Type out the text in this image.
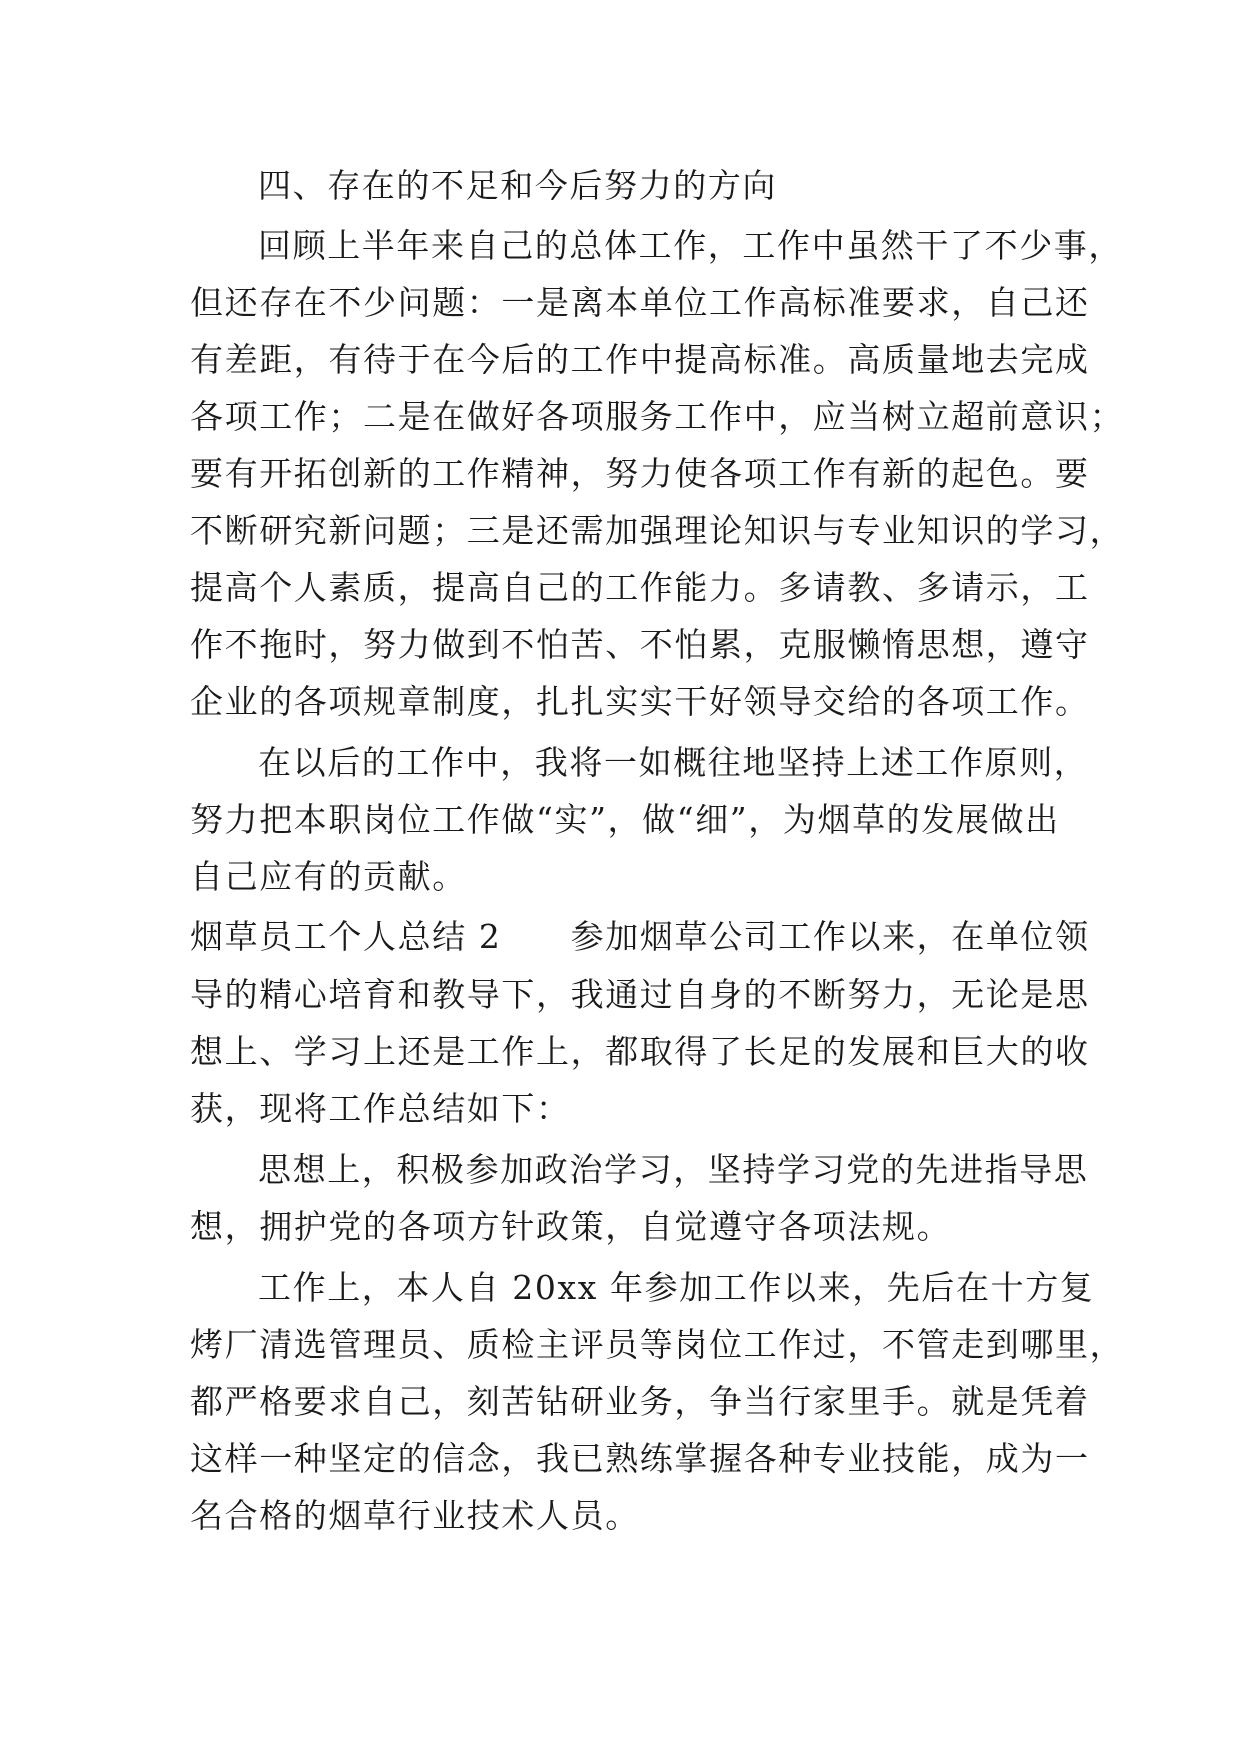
四、存在的不足和今后努力的方向
回顾上半年来自己的总体工作，工作中虽然干了不少事，
但还存在不少问题：一是离本单位工作高标准要求，自己还
有差距，有待于在今后的工作中提高标准。高质量地去完成
各项工作；二是在做好各项服务工作中，应当树立超前意识；
要有开拓创新的工作精神，努力使各项工作有新的起色。要
不断研究新问题；三是还需加强理论知识与专业知识的学习，
提高个人素质，提高自己的工作能力。多请教、多请示，工
作不拖时，努力做到不怕苦、不怕累，克服懒惰思想，遵守
企业的各项规章制度，扎扎实实干好领导交给的各项工作。
在以后的工作中，我将一如概往地坚持上述工作原则，
努力把本职岗位工作做“实”，做“细”，为烟草的发展做出
自己应有的贡献。
烟草员工个人总结 2　　参加烟草公司工作以来，在单位领
导的精心培育和教导下，我通过自身的不断努力，无论是思
想上、学习上还是工作上，都取得了长足的发展和巨大的收
获，现将工作总结如下：
思想上，积极参加政治学习，坚持学习党的先进指导思
想，拥护党的各项方针政策，自觉遵守各项法规。
工作上，本人自 20xx 年参加工作以来，先后在十方复
烤厂清选管理员、质检主评员等岗位工作过，不管走到哪里，
都严格要求自己，刻苦钻研业务，争当行家里手。就是凭着
这样一种坚定的信念，我已熟练掌握各种专业技能，成为一
名合格的烟草行业技术人员。
